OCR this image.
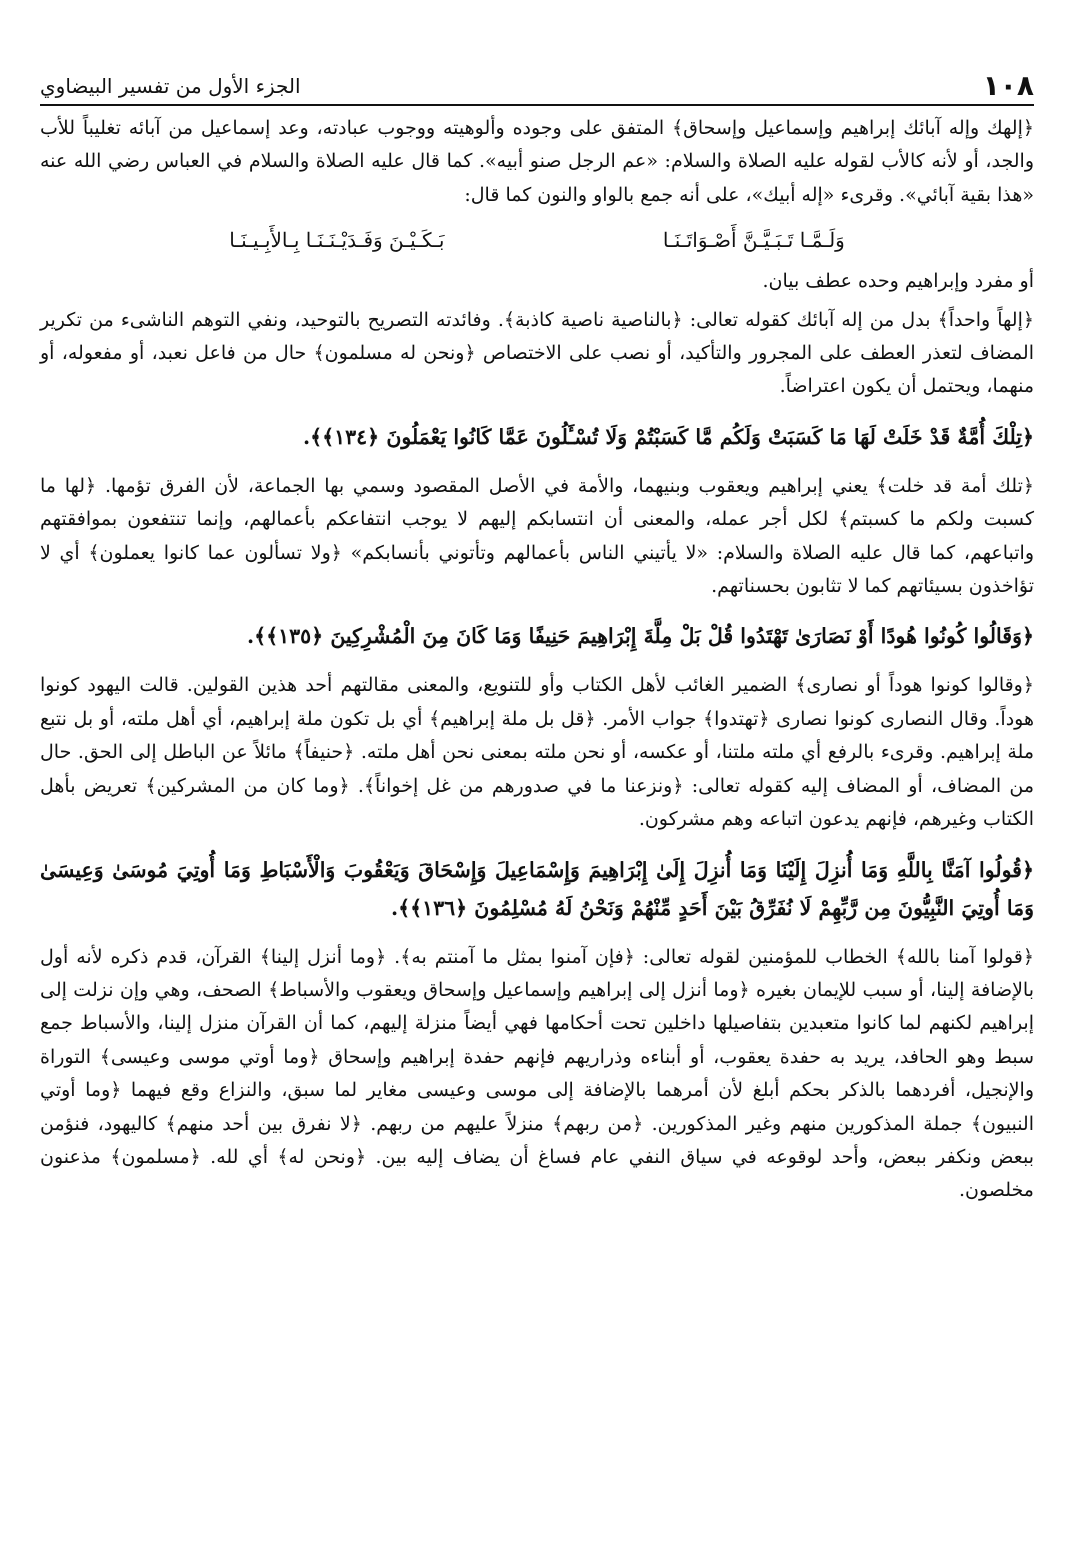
١٠٨
الجزء الأول من تفسير البيضاوي

﴿إلهك وإله آبائك إبراهيم وإسماعيل وإسحاق﴾ المتفق على وجوده وألوهيته ووجوب عبادته، وعد إسماعيل من آبائه تغليباً للأب والجد، أو لأنه كالأب لقوله عليه الصلاة والسلام: «عم الرجل صنو أبيه». كما قال عليه الصلاة والسلام في العباس رضي الله عنه «هذا بقية آبائي». وقرىء «إله أبيك»، على أنه جمع بالواو والنون كما قال:

وَلَـمَّـا تَـبَـيَّـنَّ أَصْـوَاتَـنَـا
بَـكَـيْـنَ وَفَـدَيْـنَـنَـا بِـالأَبِـيـنَـا

أو مفرد وإبراهيم وحده عطف بيان.

﴿إلهاً واحداً﴾ بدل من إله آبائك كقوله تعالى: ﴿بالناصية ناصية كاذبة﴾. وفائدته التصريح بالتوحيد، ونفي التوهم الناشىء من تكرير المضاف لتعذر العطف على المجرور والتأكيد، أو نصب على الاختصاص ﴿ونحن له مسلمون﴾ حال من فاعل نعبد، أو مفعوله، أو منهما، ويحتمل أن يكون اعتراضاً.

﴿تِلْكَ أُمَّةٌ قَدْ خَلَتْ لَهَا مَا كَسَبَتْ وَلَكُم مَّا كَسَبْتُمْ وَلَا تُسْـَٔلُونَ عَمَّا كَانُوا يَعْمَلُونَ ﴿١٣٤﴾﴾.

﴿تلك أمة قد خلت﴾ يعني إبراهيم ويعقوب وبنيهما، والأمة في الأصل المقصود وسمي بها الجماعة، لأن الفرق تؤمها. ﴿لها ما كسبت ولكم ما كسبتم﴾ لكل أجر عمله، والمعنى أن انتسابكم إليهم لا يوجب انتفاعكم بأعمالهم، وإنما تنتفعون بموافقتهم واتباعهم، كما قال عليه الصلاة والسلام: «لا يأتيني الناس بأعمالهم وتأتوني بأنسابكم» ﴿ولا تسألون عما كانوا يعملون﴾ أي لا تؤاخذون بسيئاتهم كما لا تثابون بحسناتهم.

﴿وَقَالُوا كُونُوا هُودًا أَوْ نَصَارَىٰ تَهْتَدُوا قُلْ بَلْ مِلَّةَ إِبْرَاهِيمَ حَنِيفًا وَمَا كَانَ مِنَ الْمُشْرِكِينَ ﴿١٣٥﴾﴾.

﴿وقالوا كونوا هوداً أو نصارى﴾ الضمير الغائب لأهل الكتاب وأو للتنويع، والمعنى مقالتهم أحد هذين القولين. قالت اليهود كونوا هوداً. وقال النصارى كونوا نصارى ﴿تهتدوا﴾ جواب الأمر. ﴿قل بل ملة إبراهيم﴾ أي بل تكون ملة إبراهيم، أي أهل ملته، أو بل نتبع ملة إبراهيم. وقرىء بالرفع أي ملته ملتنا، أو عكسه، أو نحن ملته بمعنى نحن أهل ملته. ﴿حنيفاً﴾ مائلاً عن الباطل إلى الحق. حال من المضاف، أو المضاف إليه كقوله تعالى: ﴿ونزعنا ما في صدورهم من غل إخواناً﴾. ﴿وما كان من المشركين﴾ تعريض بأهل الكتاب وغيرهم، فإنهم يدعون اتباعه وهم مشركون.

﴿قُولُوا آمَنَّا بِاللَّهِ وَمَا أُنزِلَ إِلَيْنَا وَمَا أُنزِلَ إِلَىٰ إِبْرَاهِيمَ وَإِسْمَاعِيلَ وَإِسْحَاقَ وَيَعْقُوبَ وَالْأَسْبَاطِ وَمَا أُوتِيَ مُوسَىٰ وَعِيسَىٰ وَمَا أُوتِيَ النَّبِيُّونَ مِن رَّبِّهِمْ لَا نُفَرِّقُ بَيْنَ أَحَدٍ مِّنْهُمْ وَنَحْنُ لَهُ مُسْلِمُونَ ﴿١٣٦﴾﴾.

﴿قولوا آمنا بالله﴾ الخطاب للمؤمنين لقوله تعالى: ﴿فإن آمنوا بمثل ما آمنتم به﴾. ﴿وما أنزل إلينا﴾ القرآن، قدم ذكره لأنه أول بالإضافة إلينا، أو سبب للإيمان بغيره ﴿وما أنزل إلى إبراهيم وإسماعيل وإسحاق ويعقوب والأسباط﴾ الصحف، وهي وإن نزلت إلى إبراهيم لكنهم لما كانوا متعبدين بتفاصيلها داخلين تحت أحكامها فهي أيضاً منزلة إليهم، كما أن القرآن منزل إلينا، والأسباط جمع سبط وهو الحافد، يريد به حفدة يعقوب، أو أبناءه وذراريهم فإنهم حفدة إبراهيم وإسحاق ﴿وما أوتي موسى وعيسى﴾ التوراة والإنجيل، أفردهما بالذكر بحكم أبلغ لأن أمرهما بالإضافة إلى موسى وعيسى مغاير لما سبق، والنزاع وقع فيهما ﴿وما أوتي النبيون﴾ جملة المذكورين منهم وغير المذكورين. ﴿من ربهم﴾ منزلاً عليهم من ربهم. ﴿لا نفرق بين أحد منهم﴾ كاليهود، فنؤمن ببعض ونكفر ببعض، وأحد لوقوعه في سياق النفي عام فساغ أن يضاف إليه بين. ﴿ونحن له﴾ أي لله. ﴿مسلمون﴾ مذعنون مخلصون.
